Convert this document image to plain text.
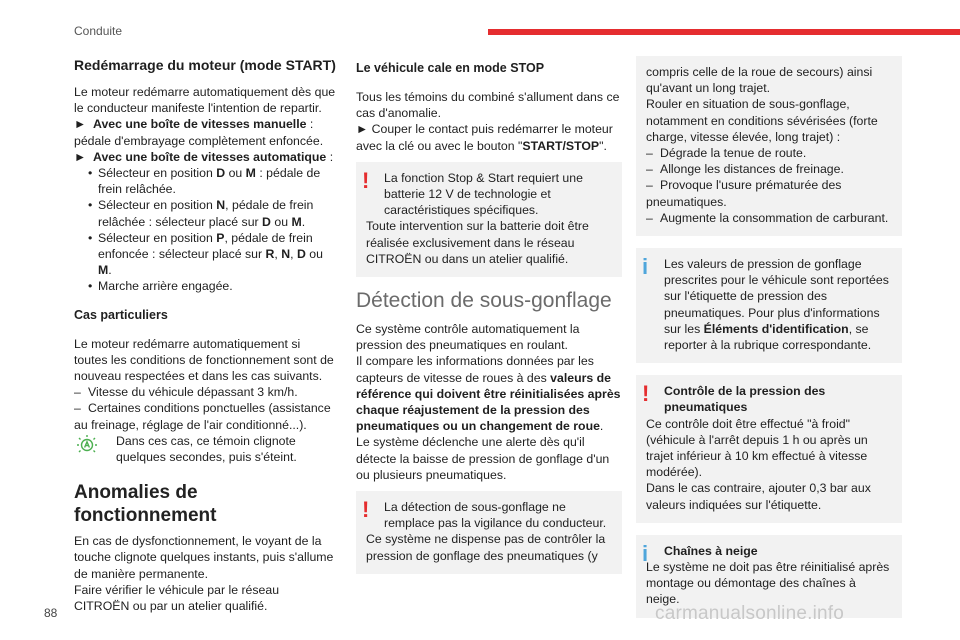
Conduite
Redémarrage du moteur (mode START)

Le moteur redémarre automatiquement dès que le conducteur manifeste l'intention de repartir.

► Avec une boîte de vitesses manuelle : pédale d'embrayage complètement enfoncée.

► Avec une boîte de vitesses automatique :

• Sélecteur en position D ou M : pédale de frein relâchée.
• Sélecteur en position N, pédale de frein relâchée : sélecteur placé sur D ou M.
• Sélecteur en position P, pédale de frein enfoncée : sélecteur placé sur R, N, D ou M.
• Marche arrière engagée.
Cas particuliers

Le moteur redémarre automatiquement si toutes les conditions de fonctionnement sont de nouveau respectées et dans les cas suivants.

– Vitesse du véhicule dépassant 3 km/h.

– Certaines conditions ponctuelles (assistance au freinage, réglage de l'air conditionné...).

Dans ces cas, ce témoin clignote quelques secondes, puis s'éteint.

Anomalies de fonctionnement

En cas de dysfonctionnement, le voyant de la touche clignote quelques instants, puis s'allume de manière permanente.

Faire vérifier le véhicule par le réseau CITROËN ou par un atelier qualifié.

Le véhicule cale en mode STOP

Tous les témoins du combiné s'allument dans ce cas d'anomalie.

► Couper le contact puis redémarrer le moteur avec la clé ou avec le bouton "START/STOP".

!	La fonction Stop & Start requiert une batterie 12 V de technologie et caractéristiques spécifiques.

Toute intervention sur la batterie doit être réalisée exclusivement dans le réseau CITROËN ou dans un atelier qualifié.

Détection de sous-gonflage

Ce système contrôle automatiquement la pression des pneumatiques en roulant.

Il compare les informations données par les capteurs de vitesse de roues à des valeurs de référence qui doivent être réinitialisées après chaque réajustement de la pression des pneumatiques ou un changement de roue.

Le système déclenche une alerte dès qu'il détecte la baisse de pression de gonflage d'un ou plusieurs pneumatiques.

!	La détection de sous-gonflage ne remplace pas la vigilance du conducteur.

Ce système ne dispense pas de contrôler la pression de gonflage des pneumatiques (y

compris celle de la roue de secours) ainsi qu'avant un long trajet.

Rouler en situation de sous-gonflage, notamment en conditions sévérisées (forte charge, vitesse élevée, long trajet) :

– Dégrade la tenue de route.

– Allonge les distances de freinage.

– Provoque l'usure prématurée des pneumatiques.

– Augmente la consommation de carburant.

i	Les valeurs de pression de gonflage prescrites pour le véhicule sont reportées sur l'étiquette de pression des pneumatiques. Pour plus d'informations sur les Éléments d'identification, se reporter à la rubrique correspondante.

!	Contrôle de la pression des pneumatiques

Ce contrôle doit être effectué "à froid" (véhicule à l'arrêt depuis 1 h ou après un trajet inférieur à 10 km effectué à vitesse modérée).

Dans le cas contraire, ajouter 0,3 bar aux valeurs indiquées sur l'étiquette.

i	Chaînes à neige

Le système ne doit pas être réinitialisé après montage ou démontage des chaînes à neige.

88	carmanualsonline.info
